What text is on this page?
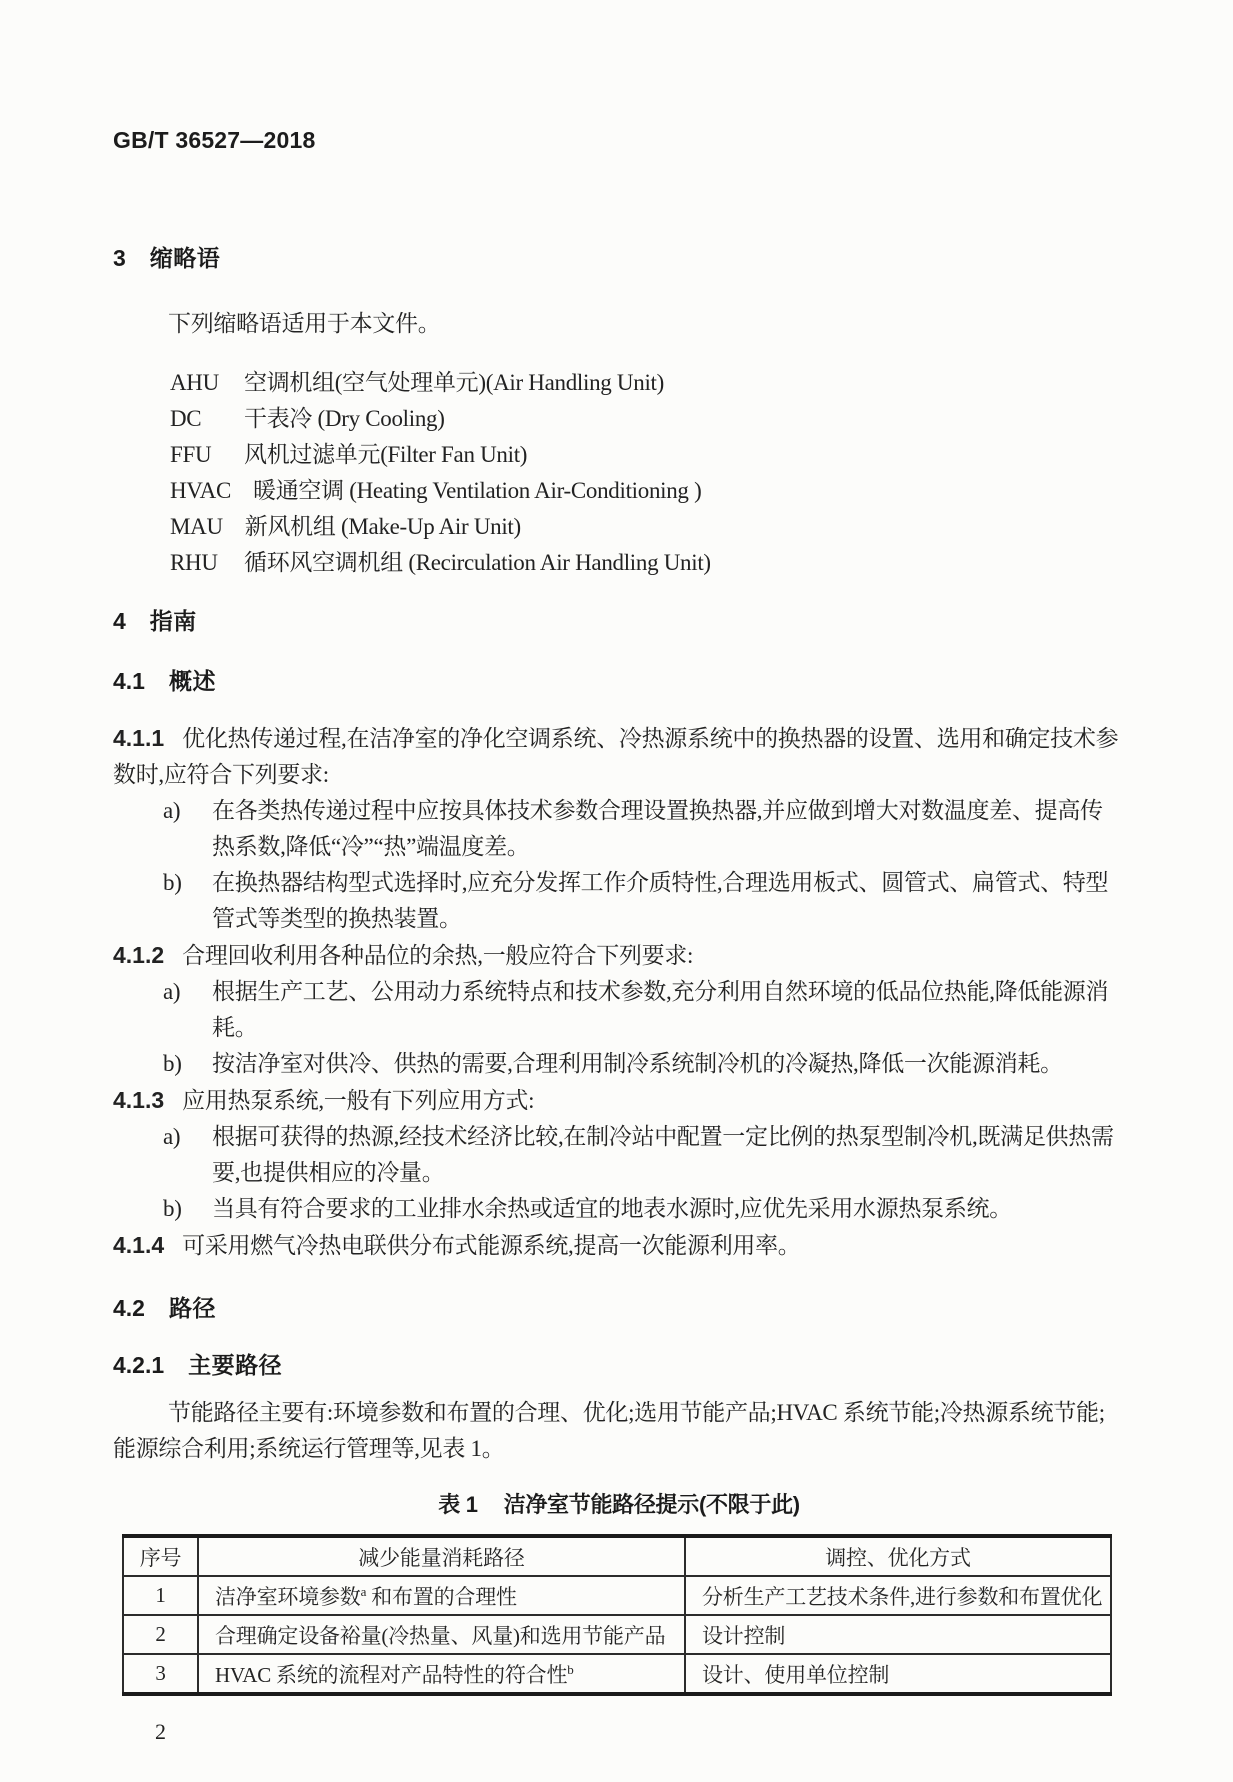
GB/T 36527—2018
3 缩略语

下列缩略语适用于本文件。

AHU 空调机组(空气处理单元)(Air Handling Unit)
DC 干表冷 (Dry Cooling)
FFU 风机过滤单元(Filter Fan Unit)
HVAC 暖通空调 (Heating Ventilation Air-Conditioning )
MAU 新风机组 (Make-Up Air Unit)
RHU 循环风空调机组 (Recirculation Air Handling Unit)
4 指南
4.1 概述

4.1.1 优化热传递过程,在洁净室的净化空调系统、冷热源系统中的换热器的设置、选用和确定技术参数时,应符合下列要求:

a) 在各类热传递过程中应按具体技术参数合理设置换热器,并应做到增大对数温度差、提高传热系数,降低“冷”“热”端温度差。
b) 在换热器结构型式选择时,应充分发挥工作介质特性,合理选用板式、圆管式、扁管式、特型管式等类型的换热装置。

4.1.2 合理回收利用各种品位的余热,一般应符合下列要求:

a) 根据生产工艺、公用动力系统特点和技术参数,充分利用自然环境的低品位热能,降低能源消耗。
b) 按洁净室对供冷、供热的需要,合理利用制冷系统制冷机的冷凝热,降低一次能源消耗。

4.1.3 应用热泵系统,一般有下列应用方式:

a) 根据可获得的热源,经技术经济比较,在制冷站中配置一定比例的热泵型制冷机,既满足供热需要,也提供相应的冷量。
b) 当具有符合要求的工业排水余热或适宜的地表水源时,应优先采用水源热泵系统。

4.1.4 可采用燃气冷热电联供分布式能源系统,提高一次能源利用率。

4.2 路径
4.2.1 主要路径

节能路径主要有:环境参数和布置的合理、优化;选用节能产品;HVAC 系统节能;冷热源系统节能;能源综合利用;系统运行管理等,见表 1。

表 1 洁净室节能路径提示(不限于此)
序号	减少能量消耗路径	调控、优化方式
1	洁净室环境参数$^a$ 和布置的合理性	分析生产工艺技术条件,进行参数和布置优化
2	合理确定设备裕量(冷热量、风量)和选用节能产品	设计控制
3	HVAC 系统的流程对产品特性的符合性$^b$	设计、使用单位控制
2
